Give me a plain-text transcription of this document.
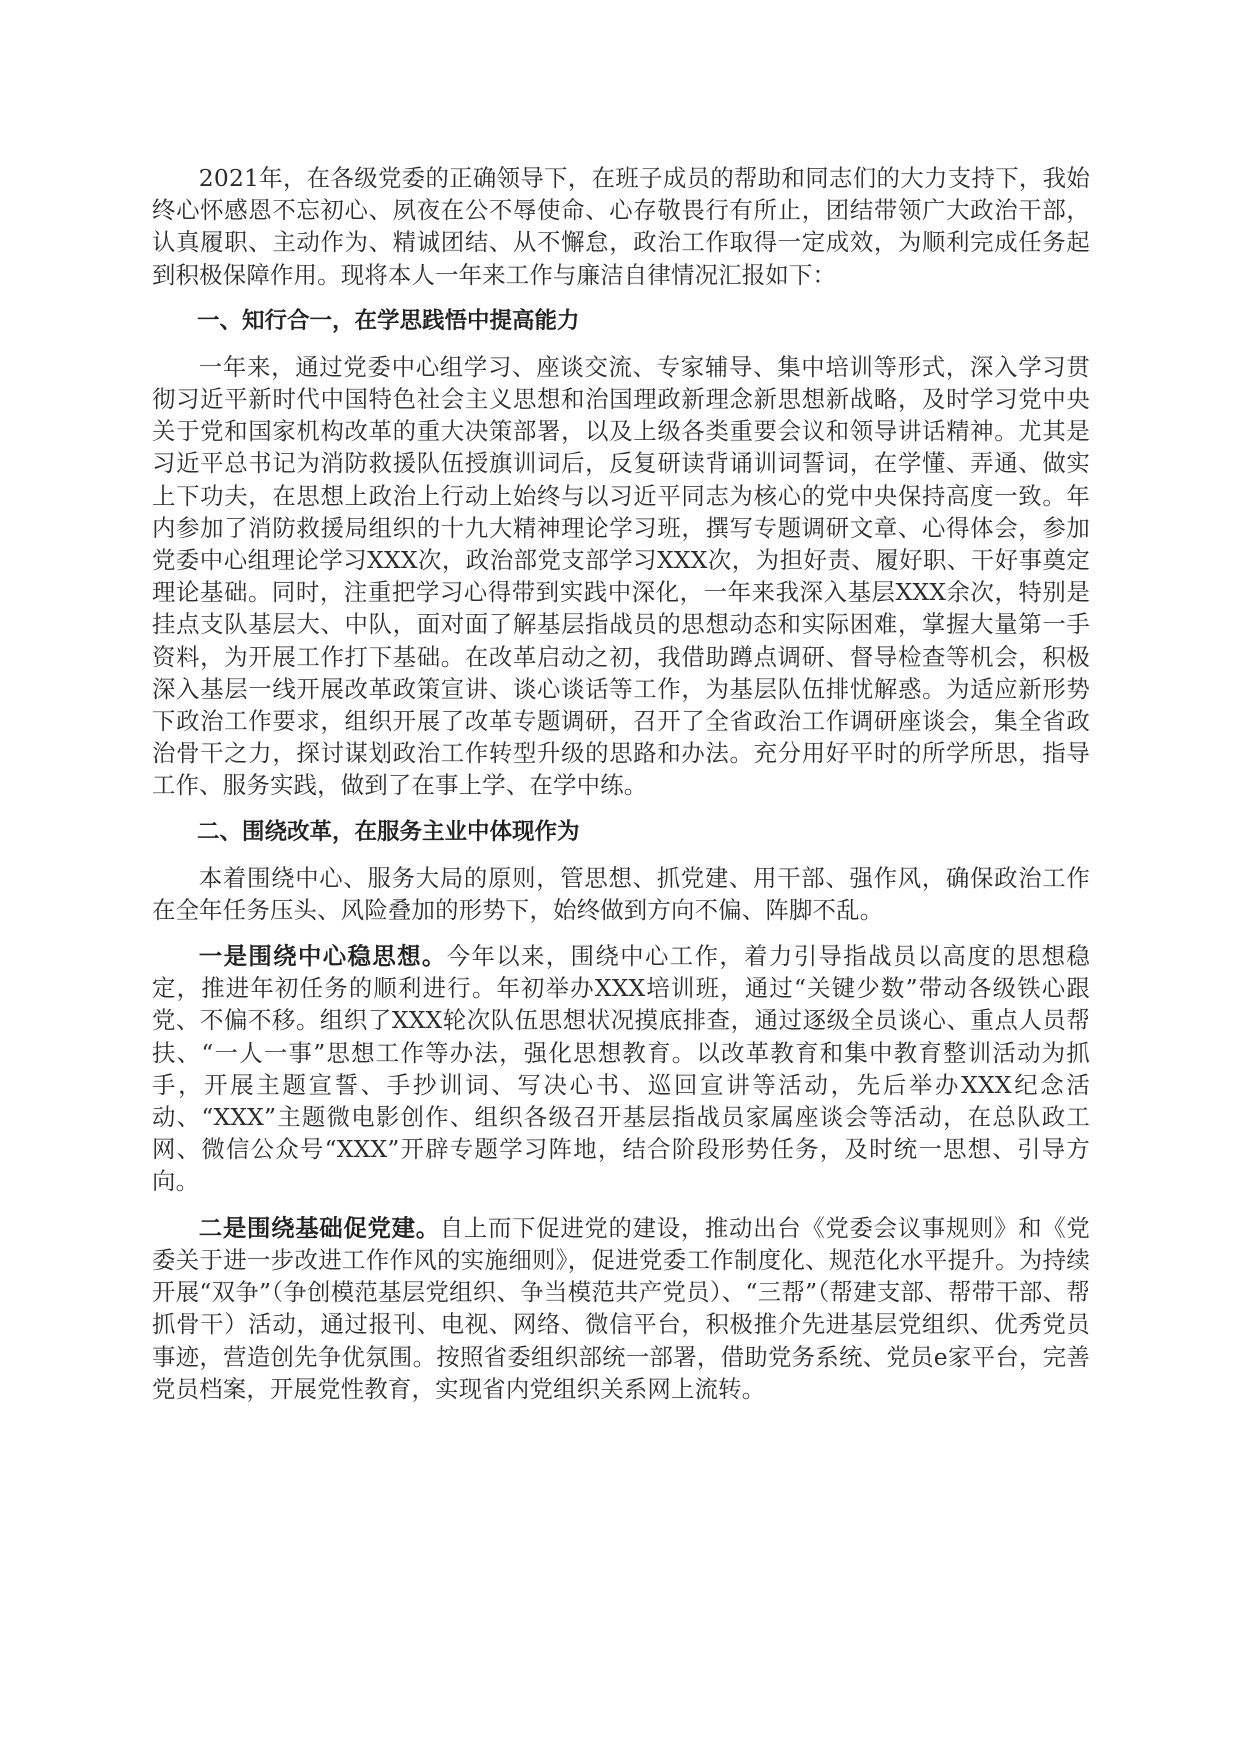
2021年，在各级党委的正确领导下，在班子成员的帮助和同志们的大力支持下，我始终心怀感恩不忘初心、夙夜在公不辱使命、心存敬畏行有所止，团结带领广大政治干部，认真履职、主动作为、精诚团结、从不懈怠，政治工作取得一定成效，为顺利完成任务起到积极保障作用。现将本人一年来工作与廉洁自律情况汇报如下：

一、知行合一，在学思践悟中提高能力

一年来，通过党委中心组学习、座谈交流、专家辅导、集中培训等形式，深入学习贯彻习近平新时代中国特色社会主义思想和治国理政新理念新思想新战略，及时学习党中央关于党和国家机构改革的重大决策部署，以及上级各类重要会议和领导讲话精神。尤其是习近平总书记为消防救援队伍授旗训词后，反复研读背诵训词誓词，在学懂、弄通、做实上下功夫，在思想上政治上行动上始终与以习近平同志为核心的党中央保持高度一致。年内参加了消防救援局组织的十九大精神理论学习班，撰写专题调研文章、心得体会，参加党委中心组理论学习XXX次，政治部党支部学习XXX次，为担好责、履好职、干好事奠定理论基础。同时，注重把学习心得带到实践中深化，一年来我深入基层XXX余次，特别是挂点支队基层大、中队，面对面了解基层指战员的思想动态和实际困难，掌握大量第一手资料，为开展工作打下基础。在改革启动之初，我借助蹲点调研、督导检查等机会，积极深入基层一线开展改革政策宣讲、谈心谈话等工作，为基层队伍排忧解惑。为适应新形势下政治工作要求，组织开展了改革专题调研，召开了全省政治工作调研座谈会，集全省政治骨干之力，探讨谋划政治工作转型升级的思路和办法。充分用好平时的所学所思，指导工作、服务实践，做到了在事上学、在学中练。

二、围绕改革，在服务主业中体现作为

本着围绕中心、服务大局的原则，管思想、抓党建、用干部、强作风，确保政治工作在全年任务压头、风险叠加的形势下，始终做到方向不偏、阵脚不乱。

一是围绕中心稳思想。今年以来，围绕中心工作，着力引导指战员以高度的思想稳定，推进年初任务的顺利进行。年初举办XXX培训班，通过“关键少数”带动各级铁心跟党、不偏不移。组织了XXX轮次队伍思想状况摸底排查，通过逐级全员谈心、重点人员帮扶、“一人一事”思想工作等办法，强化思想教育。以改革教育和集中教育整训活动为抓手，开展主题宣誓、手抄训词、写决心书、巡回宣讲等活动，先后举办XXX纪念活动、“XXX”主题微电影创作、组织各级召开基层指战员家属座谈会等活动，在总队政工网、微信公众号“XXX”开辟专题学习阵地，结合阶段形势任务，及时统一思想、引导方向。

二是围绕基础促党建。自上而下促进党的建设，推动出台《党委会议事规则》和《党委关于进一步改进工作作风的实施细则》，促进党委工作制度化、规范化水平提升。为持续开展“双争”（争创模范基层党组织、争当模范共产党员）、“三帮”（帮建支部、帮带干部、帮抓骨干）活动，通过报刊、电视、网络、微信平台，积极推介先进基层党组织、优秀党员事迹，营造创先争优氛围。按照省委组织部统一部署，借助党务系统、党员e家平台，完善党员档案，开展党性教育，实现省内党组织关系网上流转。
